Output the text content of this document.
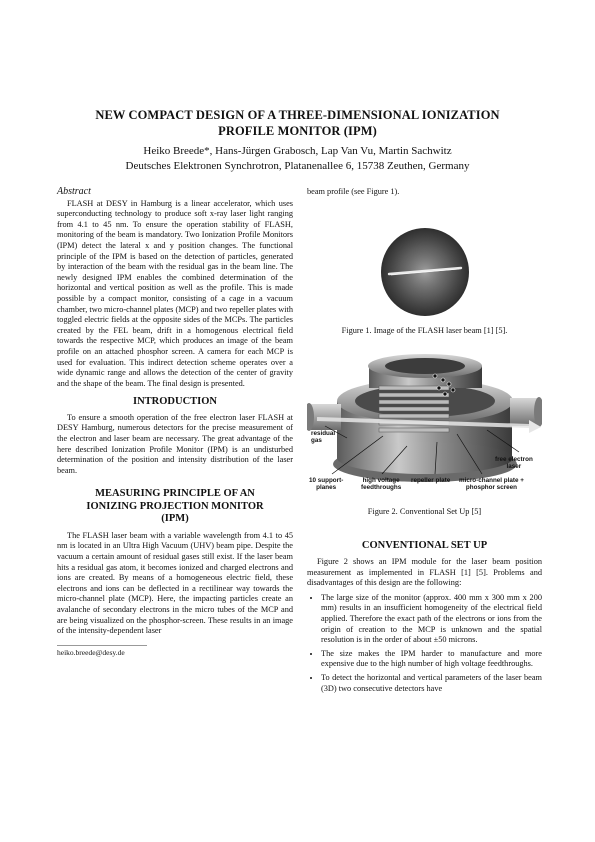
NEW COMPACT DESIGN OF A THREE-DIMENSIONAL IONIZATION
PROFILE MONITOR (IPM)
Heiko Breede*, Hans-Jürgen Grabosch, Lap Van Vu, Martin Sachwitz
Deutsches Elektronen Synchrotron, Platanenallee 6, 15738 Zeuthen, Germany
Abstract

FLASH at DESY in Hamburg is a linear accelerator, which uses superconducting technology to produce soft x-ray laser light ranging from 4.1 to 45 nm. To ensure the operation stability of FLASH, monitoring of the beam is mandatory. Two Ionization Profile Monitors (IPM) detect the lateral x and y position changes. The functional principle of the IPM is based on the detection of particles, generated by interaction of the beam with the residual gas in the beam line. The newly designed IPM enables the combined determination of the horizontal and vertical position as well as the profile. This is made possible by a compact monitor, consisting of a cage in a vacuum chamber, two micro-channel plates (MCP) and two repeller plates with toggled electric fields at the opposite sides of the MCPs. The particles created by the FEL beam, drift in a homogenous electrical field towards the respective MCP, which produces an image of the beam profile on an attached phosphor screen. A camera for each MCP is used for evaluation. This indirect detection scheme operates over a wide dynamic range and allows the detection of the center of gravity and the shape of the beam. The final design is presented.

INTRODUCTION

To ensure a smooth operation of the free electron laser FLASH at DESY Hamburg, numerous detectors for the precise measurement of the electron and laser beam are necessary. The great advantage of the here described Ionization Profile Monitor (IPM) is an undisturbed determination of the position and intensity distribution of the laser beam.

MEASURING PRINCIPLE OF AN
IONIZING PROJECTION MONITOR
(IPM)

The FLASH laser beam with a variable wavelength from 4.1 to 45 nm is located in an Ultra High Vacuum (UHV) beam pipe. Despite the vacuum a certain amount of residual gases still exist. If the laser beam hits a residual gas atom, it becomes ionized and charged electrons and ions are created. By means of a homogeneous electric field, these electrons and ions can be deflected in a rectilinear way towards the micro-channel plate (MCP). Here, the impacting particles create an avalanche of secondary electrons in the micro tubes of the MCP and are being visualized on the phosphor-screen. These results in an image of the intensity-dependent laser

heiko.breede@desy.de
beam profile (see Figure 1).
Figure 1. Image of the FLASH laser beam [1] [5].
residual
gas
free electron
laser
10 support-
planes
high voltage
feedthroughs
repeller plate micro-channel plate +
phosphor screen
Figure 2. Conventional Set Up [5]
CONVENTIONAL SET UP

Figure 2 shows an IPM module for the laser beam position measurement as implemented in FLASH [1] [5]. Problems and disadvantages of this design are the following:

• The large size of the monitor (approx. 400 mm x 300 mm x 200 mm) results in an insufficient homogeneity of the electrical field applied. Therefore the exact path of the electrons or ions from the origin of creation to the MCP is unknown and the spatial resolution is in the order of about ±50 microns.
• The size makes the IPM harder to manufacture and more expensive due to the high number of high voltage feedthroughs.
• To detect the horizontal and vertical parameters of the laser beam (3D) two consecutive detectors have
